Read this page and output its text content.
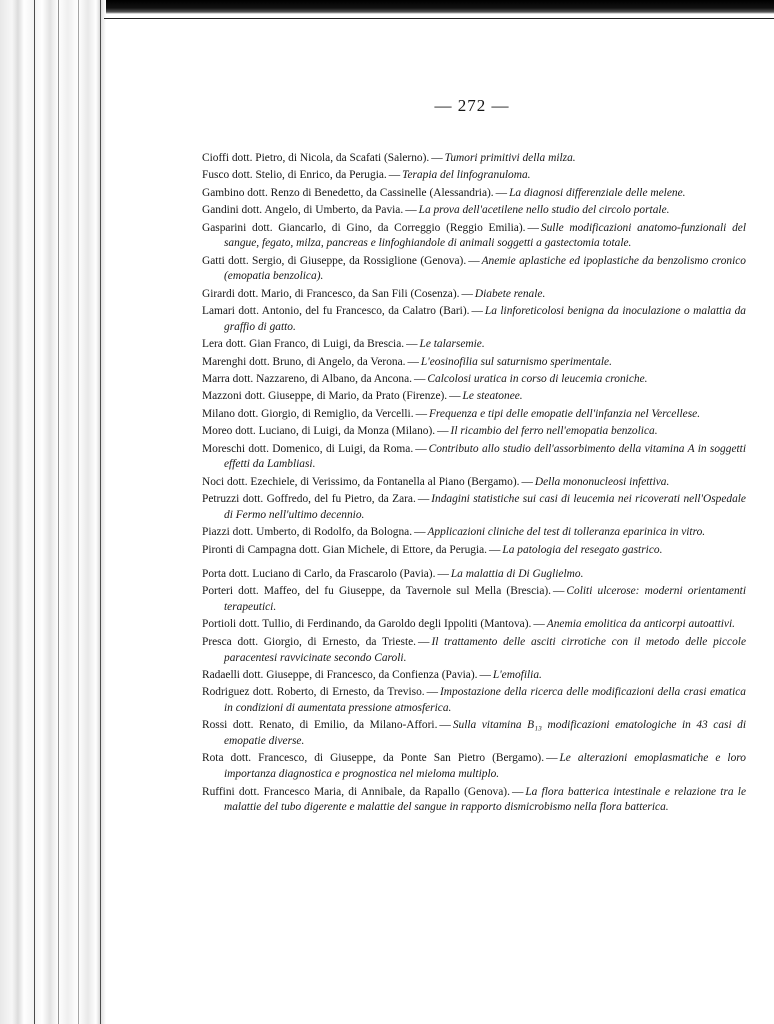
— 272 —

Cioffi dott. Pietro, di Nicola, da Scafati (Salerno). — Tumori primitivi della milza.

Fusco dott. Stelio, di Enrico, da Perugia. — Terapia del linfogranuloma.

Gambino dott. Renzo di Benedetto, da Cassinelle (Alessandria). — La diagnosi differenziale delle melene.

Gandini dott. Angelo, di Umberto, da Pavia. — La prova dell'acetilene nello studio del circolo portale.

Gasparini dott. Giancarlo, di Gino, da Correggio (Reggio Emilia). — Sulle modificazioni anatomo-funzionali del sangue, fegato, milza, pancreas e linfoghiandole di animali soggetti a gastectomia totale.

Gatti dott. Sergio, di Giuseppe, da Rossiglione (Genova). — Anemie aplastiche ed ipoplastiche da benzolismo cronico (emopatia benzolica).

Girardi dott. Mario, di Francesco, da San Fili (Cosenza). — Diabete renale.

Lamari dott. Antonio, del fu Francesco, da Calatro (Bari). — La linforeticolosi benigna da inoculazione o malattia da graffio di gatto.

Lera dott. Gian Franco, di Luigi, da Brescia. — Le talarsemie.

Marenghi dott. Bruno, di Angelo, da Verona. — L'eosinofilia sul saturnismo sperimentale.

Marra dott. Nazzareno, di Albano, da Ancona. — Calcolosi uratica in corso di leucemia croniche.

Mazzoni dott. Giuseppe, di Mario, da Prato (Firenze). — Le steatonee.

Milano dott. Giorgio, di Remiglio, da Vercelli. — Frequenza e tipi delle emopatie dell'infanzia nel Vercellese.

Moreo dott. Luciano, di Luigi, da Monza (Milano). — Il ricambio del ferro nell'emopatia benzolica.

Moreschi dott. Domenico, di Luigi, da Roma. — Contributo allo studio dell'assorbimento della vitamina A in soggetti effetti da Lambliasi.

Noci dott. Ezechiele, di Verissimo, da Fontanella al Piano (Bergamo). — Della mononucleosi infettiva.

Petruzzi dott. Goffredo, del fu Pietro, da Zara. — Indagini statistiche sui casi di leucemia nei ricoverati nell'Ospedale di Fermo nell'ultimo decennio.

Piazzi dott. Umberto, di Rodolfo, da Bologna. — Applicazioni cliniche del test di tolleranza eparinica in vitro.

Pironti di Campagna dott. Gian Michele, di Ettore, da Perugia. — La patologia del resegato gastrico.

Porta dott. Luciano di Carlo, da Frascarolo (Pavia). — La malattia di Di Guglielmo.

Porteri dott. Maffeo, del fu Giuseppe, da Tavernole sul Mella (Brescia). — Coliti ulcerose: moderni orientamenti terapeutici.

Portioli dott. Tullio, di Ferdinando, da Garoldo degli Ippoliti (Mantova). — Anemia emolitica da anticorpi autoattivi.

Presca dott. Giorgio, di Ernesto, da Trieste. — Il trattamento delle asciti cirrotiche con il metodo delle piccole paracentesi ravvicinate secondo Caroli.

Radaelli dott. Giuseppe, di Francesco, da Confienza (Pavia). — L'emofilia.

Rodriguez dott. Roberto, di Ernesto, da Treviso. — Impostazione della ricerca delle modificazioni della crasi ematica in condizioni di aumentata pressione atmosferica.

Rossi dott. Renato, di Emilio, da Milano-Affori. — Sulla vitamina B₁₃ modificazioni ematologiche in 43 casi di emopatie diverse.

Rota dott. Francesco, di Giuseppe, da Ponte San Pietro (Bergamo). — Le alterazioni emoplasmatiche e loro importanza diagnostica e prognostica nel mieloma multiplo.

Ruffini dott. Francesco Maria, di Annibale, da Rapallo (Genova). — La flora batterica intestinale e relazione tra le malattie del tubo digerente e malattie del sangue in rapporto dismicrobismo nella flora batterica.
